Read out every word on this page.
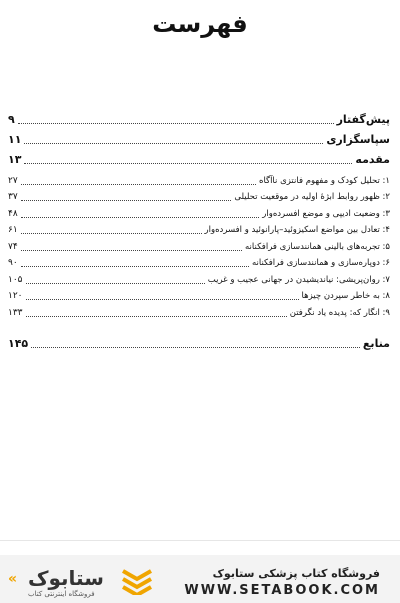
فهرست
پیش‌گفتار
۹
سپاسگزاری
۱۱
مقدمه
۱۳
۱: تحلیل کودک و مفهوم فانتزی ناآگاه
۲۷
۲: ظهور روابط ابژهٔ اولیه در موقعیت تحلیلی
۳۷
۳: وضعیت ادیپی و موضع افسرده‌وار
۴۸
۴: تعادل بین مواضع اسکیزوئید–پارانوئید و افسرده‌وار
۶۱
۵: تجربه‌های بالینی همانندسازی فرافکنانه
۷۴
۶: دوپاره‌سازی و همانندسازی فرافکنانه
۹۰
۷: روان‌پریشی: نیاندیشیدن در جهانی عجیب و غریب
۱۰۵
۸: به خاطر سپردن چیزها
۱۲۰
۹: انگار که: پدیده یاد نگرفتن
۱۳۳
منابع
۱۴۵
فروشگاه کتاب پزشکی ستابوک
WWW.SETABOOK.COM
« ستابوک
فروشگاه اینترنتی کتاب
